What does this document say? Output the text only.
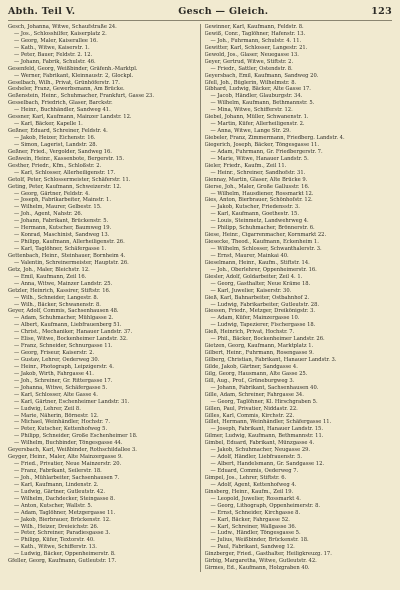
Abth. Teil V.	Gesch — Gleich.	123
Gesch, Johanna, Witwe, Schaufstraße 24.
— Jos., Schlosshilfer, Kaiserplatz 2.
— Georg, Maler, Kaiserallee 16.
— Kath., Witwe, Kaiserstr. 1.
— Peter, Bauer, Feldstr. 2. 12.
— Johann, Fabrik, Schulstr. 46.
Gesenfeld, Georg, Weißbinder, Gräfenh.-Marktpl.
— Werner, Fabrikant, Kleinnaustr. 2, Glockpl.
Geselbach, Wilh., Privat, Grünhöferstr. 17.
Gesheler, Franz, Gewerbsmann, Am Brücke.
Geßenstein, Heinr., Schuhmacher, Frankfurt, Gasse 23.
Gesselbach, Friedrich, Glaser, Barckstr.
— Heinr., Buchhändler, Sandweg 41.
Gessner, Karl, Kaufmann, Mainzer Landstr. 12.
— Karl, Bäcker, Kapelle 1.
Geßner, Eduard, Schreiner, Feldstr. 4.
— Jakob, Heizer, Eichenstr. 16.
— Simon, Lagerist, Landstr. 28.
Geßner, Fried., Vergolder, Sandweg 16.
Geßwein, Heinr., Kassenbote, Bergerstr. 15.
Gesther, Friedr., Kfm., Schloßstr. 2.
— Karl, Schlosser, Allerheiligenstr. 17.
Getolf, Peter, Schlossermeister, Schäferstr. 11.
Geting, Peter, Kaufmann, Schweizerstr. 12.
— Georg, Gärtner, Feldstr. 4.
— Joseph, Fabrikarbeiter, Mainstr. 1.
— Wilhelm, Maurer, Gelbestr. 15.
— Joh., Agent, Nahstr. 26.
— Johann, Fabrikant, Brückenstr. 5.
— Hermann, Kutscher, Baumweg 19.
— Konrad, Maschinist, Sandweg 13.
— Philipp, Kaufmann, Allerheiligenstr. 26.
— Karl, Taglöhner, Schäfergasse 1.
Gettenbach, Heinr., Steinhauer, Bornheim 4.
— Valentin, Schreinermeister, Hauptstr. 26.
Getz, Joh., Maler, Bleichstr. 12.
— Emil, Kaufmann, Zeil 16.
— Anna, Witwe, Mainzer Landstr. 25.
Getzler, Heinrich, Kassirer, Stiftstr. 16.
— Wilh., Schneider, Langestr. 8.
— Wilh., Bäcker, Schwanenstr. 8.
Geyer, Adolf, Commis, Sachsenhausen 48.
— Adam, Schuhmacher, Mühlgasse 2.
— Albert, Kaufmann, Liebfrauenberg 51.
— Christ., Mechaniker, Hanauer Landstr. 37.
— Elise, Witwe, Bockenheimer Landstr. 32.
— Franz, Schneider, Schnurgasse 11.
— Georg, Friseur, Kaiserstr. 2.
— Gustav, Lehrer, Oederweg 30.
— Heinr., Photograph, Leipzigerstr. 4.
— Jakob, Wirth, Fahrgasse 41.
— Joh., Schreiner, Gr. Rittergasse 17.
— Johanna, Witwe, Schäfergasse 5.
— Karl, Schlosser, Alte Gasse 4.
— Karl, Gärtner, Eschenheimer Landstr. 31.
— Ludwig, Lehrer, Zeil 8.
— Marie, Näherin, Börnestr. 12.
— Michael, Weinhändler, Hochstr. 7.
— Peter, Kutscher, Kettenhofweg 5.
— Philipp, Schneider, Große Eschenheimer 18.
— Wilhelm, Buchbinder, Töngesgasse 44.
Geyersbach, Karl, Weißbinder, Rothschildallee 3.
Geyger, Heinr., Maler, Alte Mainzergasse 9.
— Fried., Privatier, Neue Mainzerstr. 20.
— Franz, Fabrikant, Seilerstr. 18.
— Joh., Mühlarbeiter, Sachsenhausen 7.
— Karl, Kaufmann, Lindenstr. 2.
— Ludwig, Gärtner, Gutleutstr. 42.
— Wilhelm, Dachdecker, Steingasse 8.
— Anton, Kutscher, Wallstr. 5.
— Adam, Taglöhner, Metzgergasse 11.
— Jakob, Bierbrauer, Brückenstr. 12.
— Wilh., Heizer, Dreieichstr. 26.
— Peter, Schreiner, Paradiesgasse 3.
— Philipp, Küfer, Textorstr. 40.
— Kath., Witwe, Schifferstr. 13.
— Ludwig, Bäcker, Oppenheimerstr. 8.
Gfeller, Georg, Kaufmann, Gutleutstr. 17.
Gewinner, Karl, Kaufmann, Feldstr. 8.
Gewiß, Conr., Taglöhner, Hafenstr. 13.
— Joh., Fuhrmann, Schulstr. 4. 11.
Gewitter, Karl, Schlosser, Langestr. 21.
Gewold, Jos., Glaser, Neuegasse 13.
Geyer, Gertrud, Witwe, Stiftstr. 2.
— Friedr., Sattler, Ostendstr. 8.
Geyersbach, Emil, Kaufmann, Sandweg 20.
Gfell, Joh., Büglerin, Wilhelmstr. 8.
Gibhard, Ludwig, Bäcker, Alte Gasse 17.
— Jacob, Händler, Glauburgstr. 34.
— Wilhelm, Kaufmann, Bethmannstr. 5.
— Mina, Witwe, Schifferstr. 12.
Giebel, Johann, Müller, Schwanenstr. 1.
— Martin, Küfer, Allerheiligenstr. 2.
— Anna, Witwe, Lange Str. 29.
Giebeler, Franz, Zimmermann, Friedberg. Landstr. 4.
Giegerich, Joseph, Bäcker, Töngesgasse 11.
— Adam, Fuhrmann, Gr. Friedbergerstr. 7.
— Marie, Witwe, Hanauer Landstr. 5.
Gieler, Friedr., Kaufm., Zeil 11.
— Heinr., Schreiner, Sandhofstr. 31.
Giennay, Martin, Glaser, Alte Brücke 9.
Gierse, Joh., Maler, Große Gallusstr. 16.
— Wilhelm, Hausdiener, Rossmarkt 12.
Gies, Anton, Bierbrauer, Schönhofstr. 12.
— Jakob, Kutscher, Friedensstr. 3.
— Karl, Kaufmann, Goethestr. 15.
— Louis, Steinmetz, Landwehrweg 4.
— Philipp, Schuhmacher, Brönnerstr. 6.
Giese, Heinr., Cigarrenmacher, Kornmarkt 22.
Giesecke, Theod., Kaufmann, Eckenheim 1.
— Wilhelm, Schlosser, Schwanthalerstr. 3.
— Ernst, Maurer, Mainkai 40.
Gieselmann, Heinr., Kaufm., Stiftstr. 14.
— Joh., Oberlehrer, Oppenheimerstr. 16.
Giesler, Adolf, Goldarbeiter, Zeil 4. 1.
— Georg, Gasthalter, Neue Kräme 18.
— Karl, Juwelier, Kaiserstr. 30.
Gieß, Karl, Bahnarbeiter, Ostbahnhof 2.
— Ludwig, Fabrikarbeiter, Gutleutstr. 28.
Giessen, Friedr., Metzger, Dreikönigstr. 3.
— Adam, Küfer, Mainzergasse 10.
— Ludwig, Tapezierer, Fischergasse 18.
Gieß, Heinrich, Privat, Hochstr. 7.
— Phil., Bäcker, Bockenheimer Landstr. 26.
Gietzen, Georg, Kaufmann, Marktplatz 1.
Gilbert, Heinr., Fuhrmann, Rosengasse 9.
Gilberg, Christian, Fabrikant, Hanauer Landstr. 3.
Gilde, Jakob, Gärtner, Sandgasse 4.
Gilg, Georg, Hausmann, Alte Gasse 25.
Gill, Aug., Prof., Grüneburgweg 3.
— Johann, Fabrikant, Sachsenhausen 40.
Gille, Adam, Schreiner, Fahrgasse 34.
— Georg, Taglöhner, Kl. Hirschgraben 5.
Gillen, Paul, Privatier, Niddastr. 22.
Gilles, Karl, Commis, Kirchstr. 22.
Gillet, Hermann, Weinhändler, Schäfergasse 11.
— Joseph, Fabrikant, Hanauer Landstr. 15.
Gilmer, Ludwig, Kaufmann, Bethmannstr. 11.
Gimbel, Eduard, Fabrikant, Münzgasse 4.
— Jakob, Schuhmacher, Neugasse 29.
— Adolf, Händler, Liebfrauenstr. 5.
— Albert, Handelsmann, Gr. Sandgasse 12.
— Eduard, Commis, Oederweg 7.
Gimpel, Jos., Lehrer, Stiftstr. 6.
— Adolf, Agent, Kettenhofweg 4.
Ginsberg, Heinr., Kaufm., Zeil 19.
— Leopold, Juwelier, Rossmarkt 4.
— Georg, Lithograph, Oppenheimerstr. 8.
— Ernst, Schneider, Kirchgasse 8.
— Karl, Bäcker, Fahrgasse 52.
— Karl, Schreiner, Wallgasse 36.
— Ludw., Händler, Töngesgasse 5.
— Julius, Weißbinder, Brückenstr. 18.
— Paul, Fabrikant, Sandweg 12.
Ginzberger, Fried., Gasthalter, Heiligkreuzg. 17.
Girbig, Margaretha, Witwe, Gutleutstr. 42.
Girmes, Ed., Kaufmann, Holzgraben 40.
